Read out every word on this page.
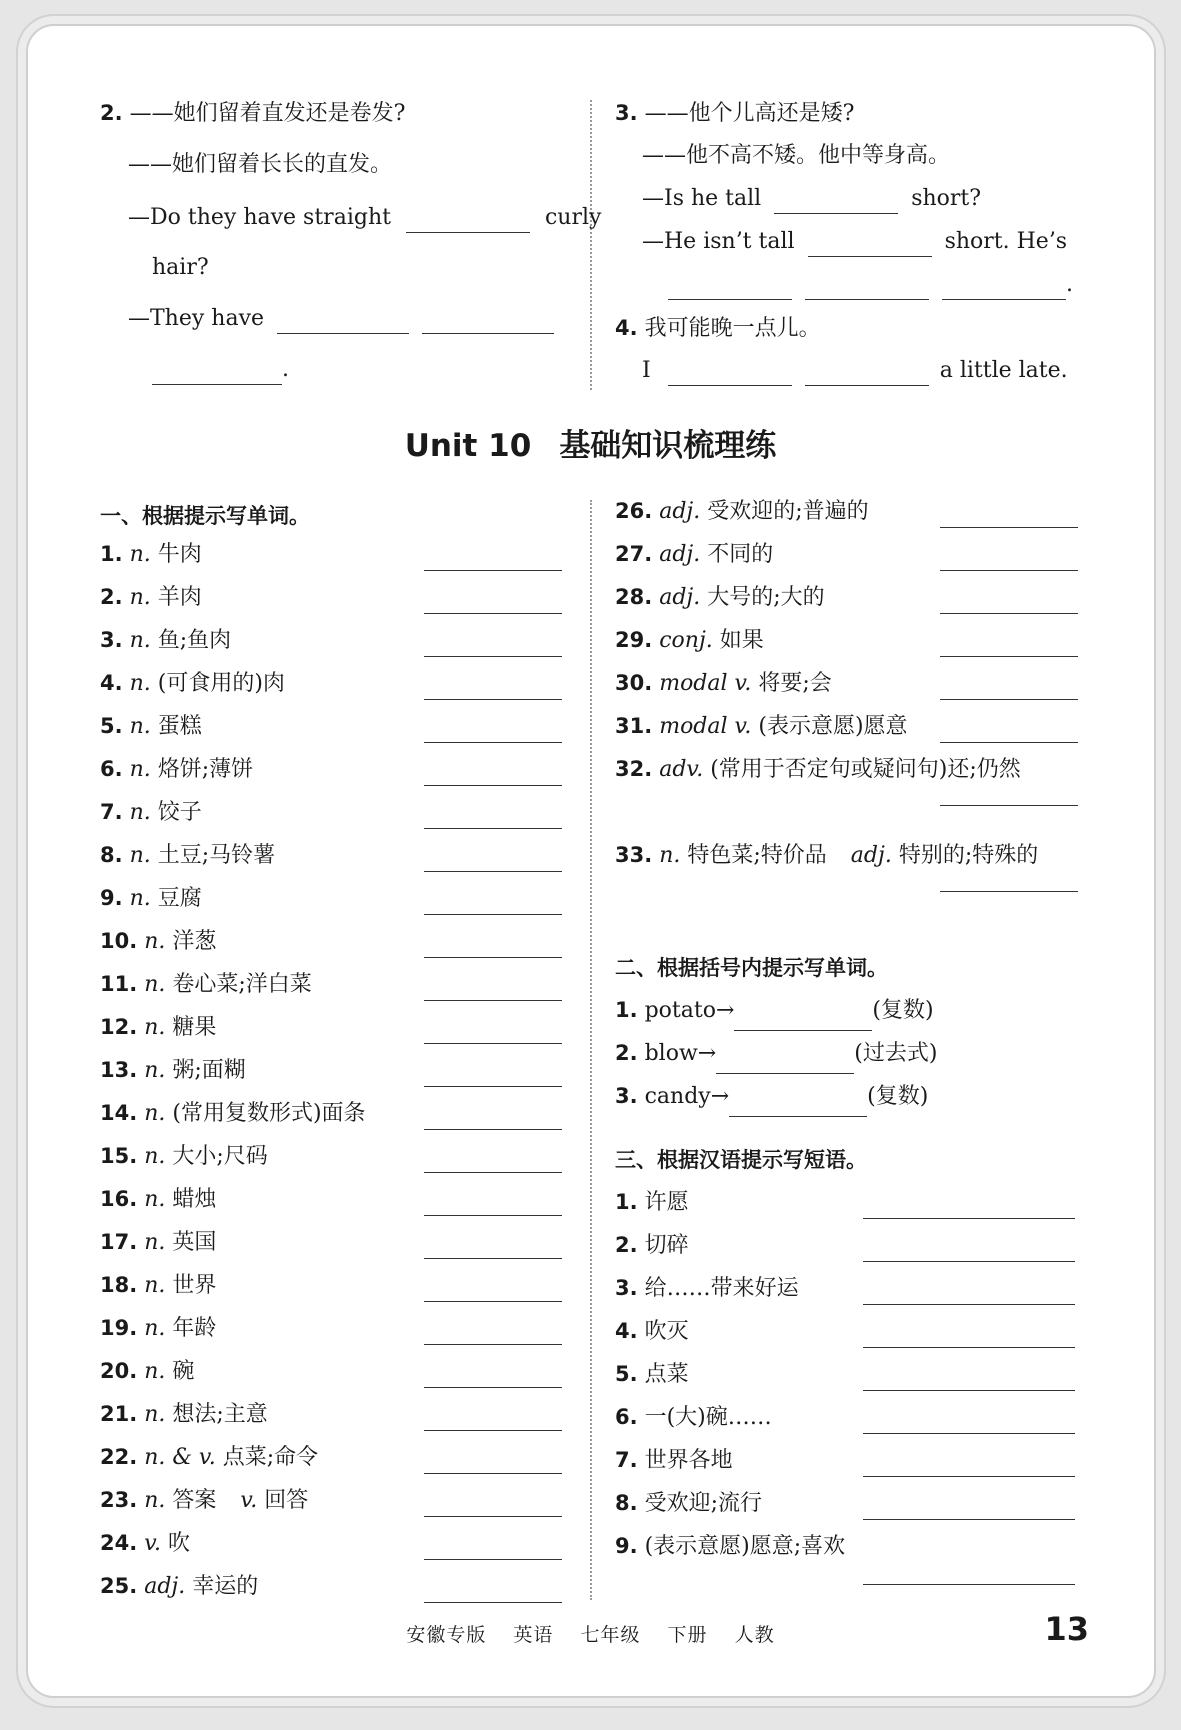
2. ——她们留着直发还是卷发?
——她们留着长长的直发。
—Do they have straight	curly
hair?
—They have
.
3. ——他个儿高还是矮?
——他不高不矮。他中等身高。
—Is he tall	short?
—He isn’t tall	short. He’s
.
4. 我可能晚一点儿。
I	a little late.
Unit 10 基础知识梳理练
一、根据提示写单词。
二、根据括号内提示写单词。
三、根据汉语提示写短语。
安徽专版 英语 七年级 下册 人教	13
1. n. 牛肉
2. n. 羊肉
3. n. 鱼;鱼肉
4. n. (可食用的)肉
5. n. 蛋糕
6. n. 烙饼;薄饼
7. n. 饺子
8. n. 土豆;马铃薯
9. n. 豆腐
10. n. 洋葱
11. n. 卷心菜;洋白菜
12. n. 糖果
13. n. 粥;面糊
14. n. (常用复数形式)面条
15. n. 大小;尺码
16. n. 蜡烛
17. n. 英国
18. n. 世界
19. n. 年龄
20. n. 碗
21. n. 想法;主意
22. n. & v. 点菜;命令
23. n. 答案 v. 回答
24. v. 吹
25. adj. 幸运的
26. adj. 受欢迎的;普遍的
27. adj. 不同的
28. adj. 大号的;大的
29. conj. 如果
30. modal v. 将要;会
31. modal v. (表示意愿)愿意
32. adv. (常用于否定句或疑问句)还;仍然
33. n. 特色菜;特价品 adj. 特别的;特殊的
1. potato→	(复数)
2. blow→	(过去式)
3. candy→	(复数)
1. 许愿
2. 切碎
3. 给……带来好运
4. 吹灭
5. 点菜
6. 一(大)碗……
7. 世界各地
8. 受欢迎;流行
9. (表示意愿)愿意;喜欢
